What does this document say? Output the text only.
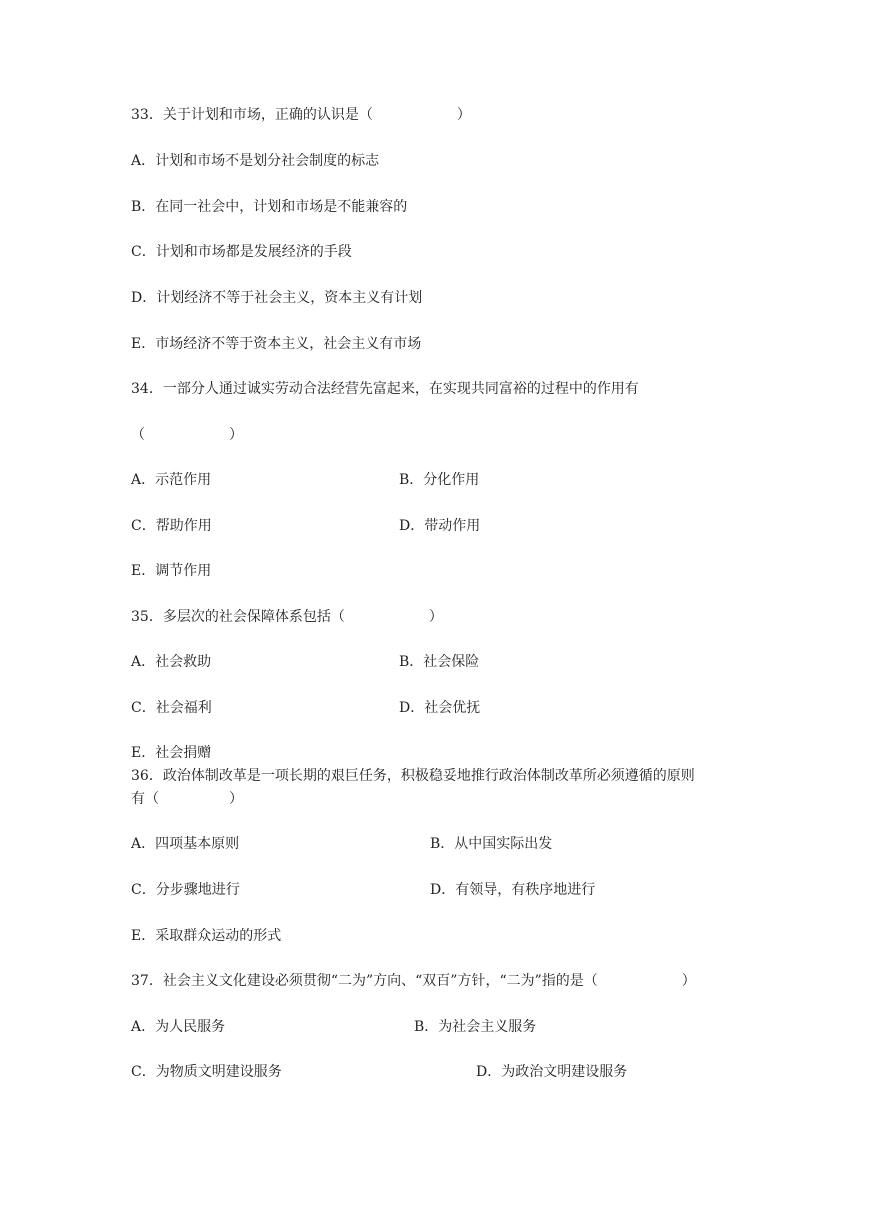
33．关于计划和市场，正确的认识是（　　　　　　）
A．计划和市场不是划分社会制度的标志
B．在同一社会中，计划和市场是不能兼容的
C．计划和市场都是发展经济的手段
D．计划经济不等于社会主义，资本主义有计划
E．市场经济不等于资本主义，社会主义有市场
34．一部分人通过诚实劳动合法经营先富起来，在实现共同富裕的过程中的作用有
（　　　　　　）
A．示范作用	B．分化作用
C．帮助作用	D．带动作用
E．调节作用
35．多层次的社会保障体系包括（　　　　　　）
A．社会救助	B．社会保险
C．社会福利	D．社会优抚
E．社会捐赠
36．政治体制改革是一项长期的艰巨任务，积极稳妥地推行政治体制改革所必须遵循的原则
有（　　　　　）
A．四项基本原则	B．从中国实际出发
C．分步骤地进行	D．有领导，有秩序地进行
E．采取群众运动的形式
37．社会主义文化建设必须贯彻“二为”方向、“双百”方针，“二为”指的是（　　　　　　）
A．为人民服务	B．为社会主义服务
C．为物质文明建设服务	D．为政治文明建设服务
